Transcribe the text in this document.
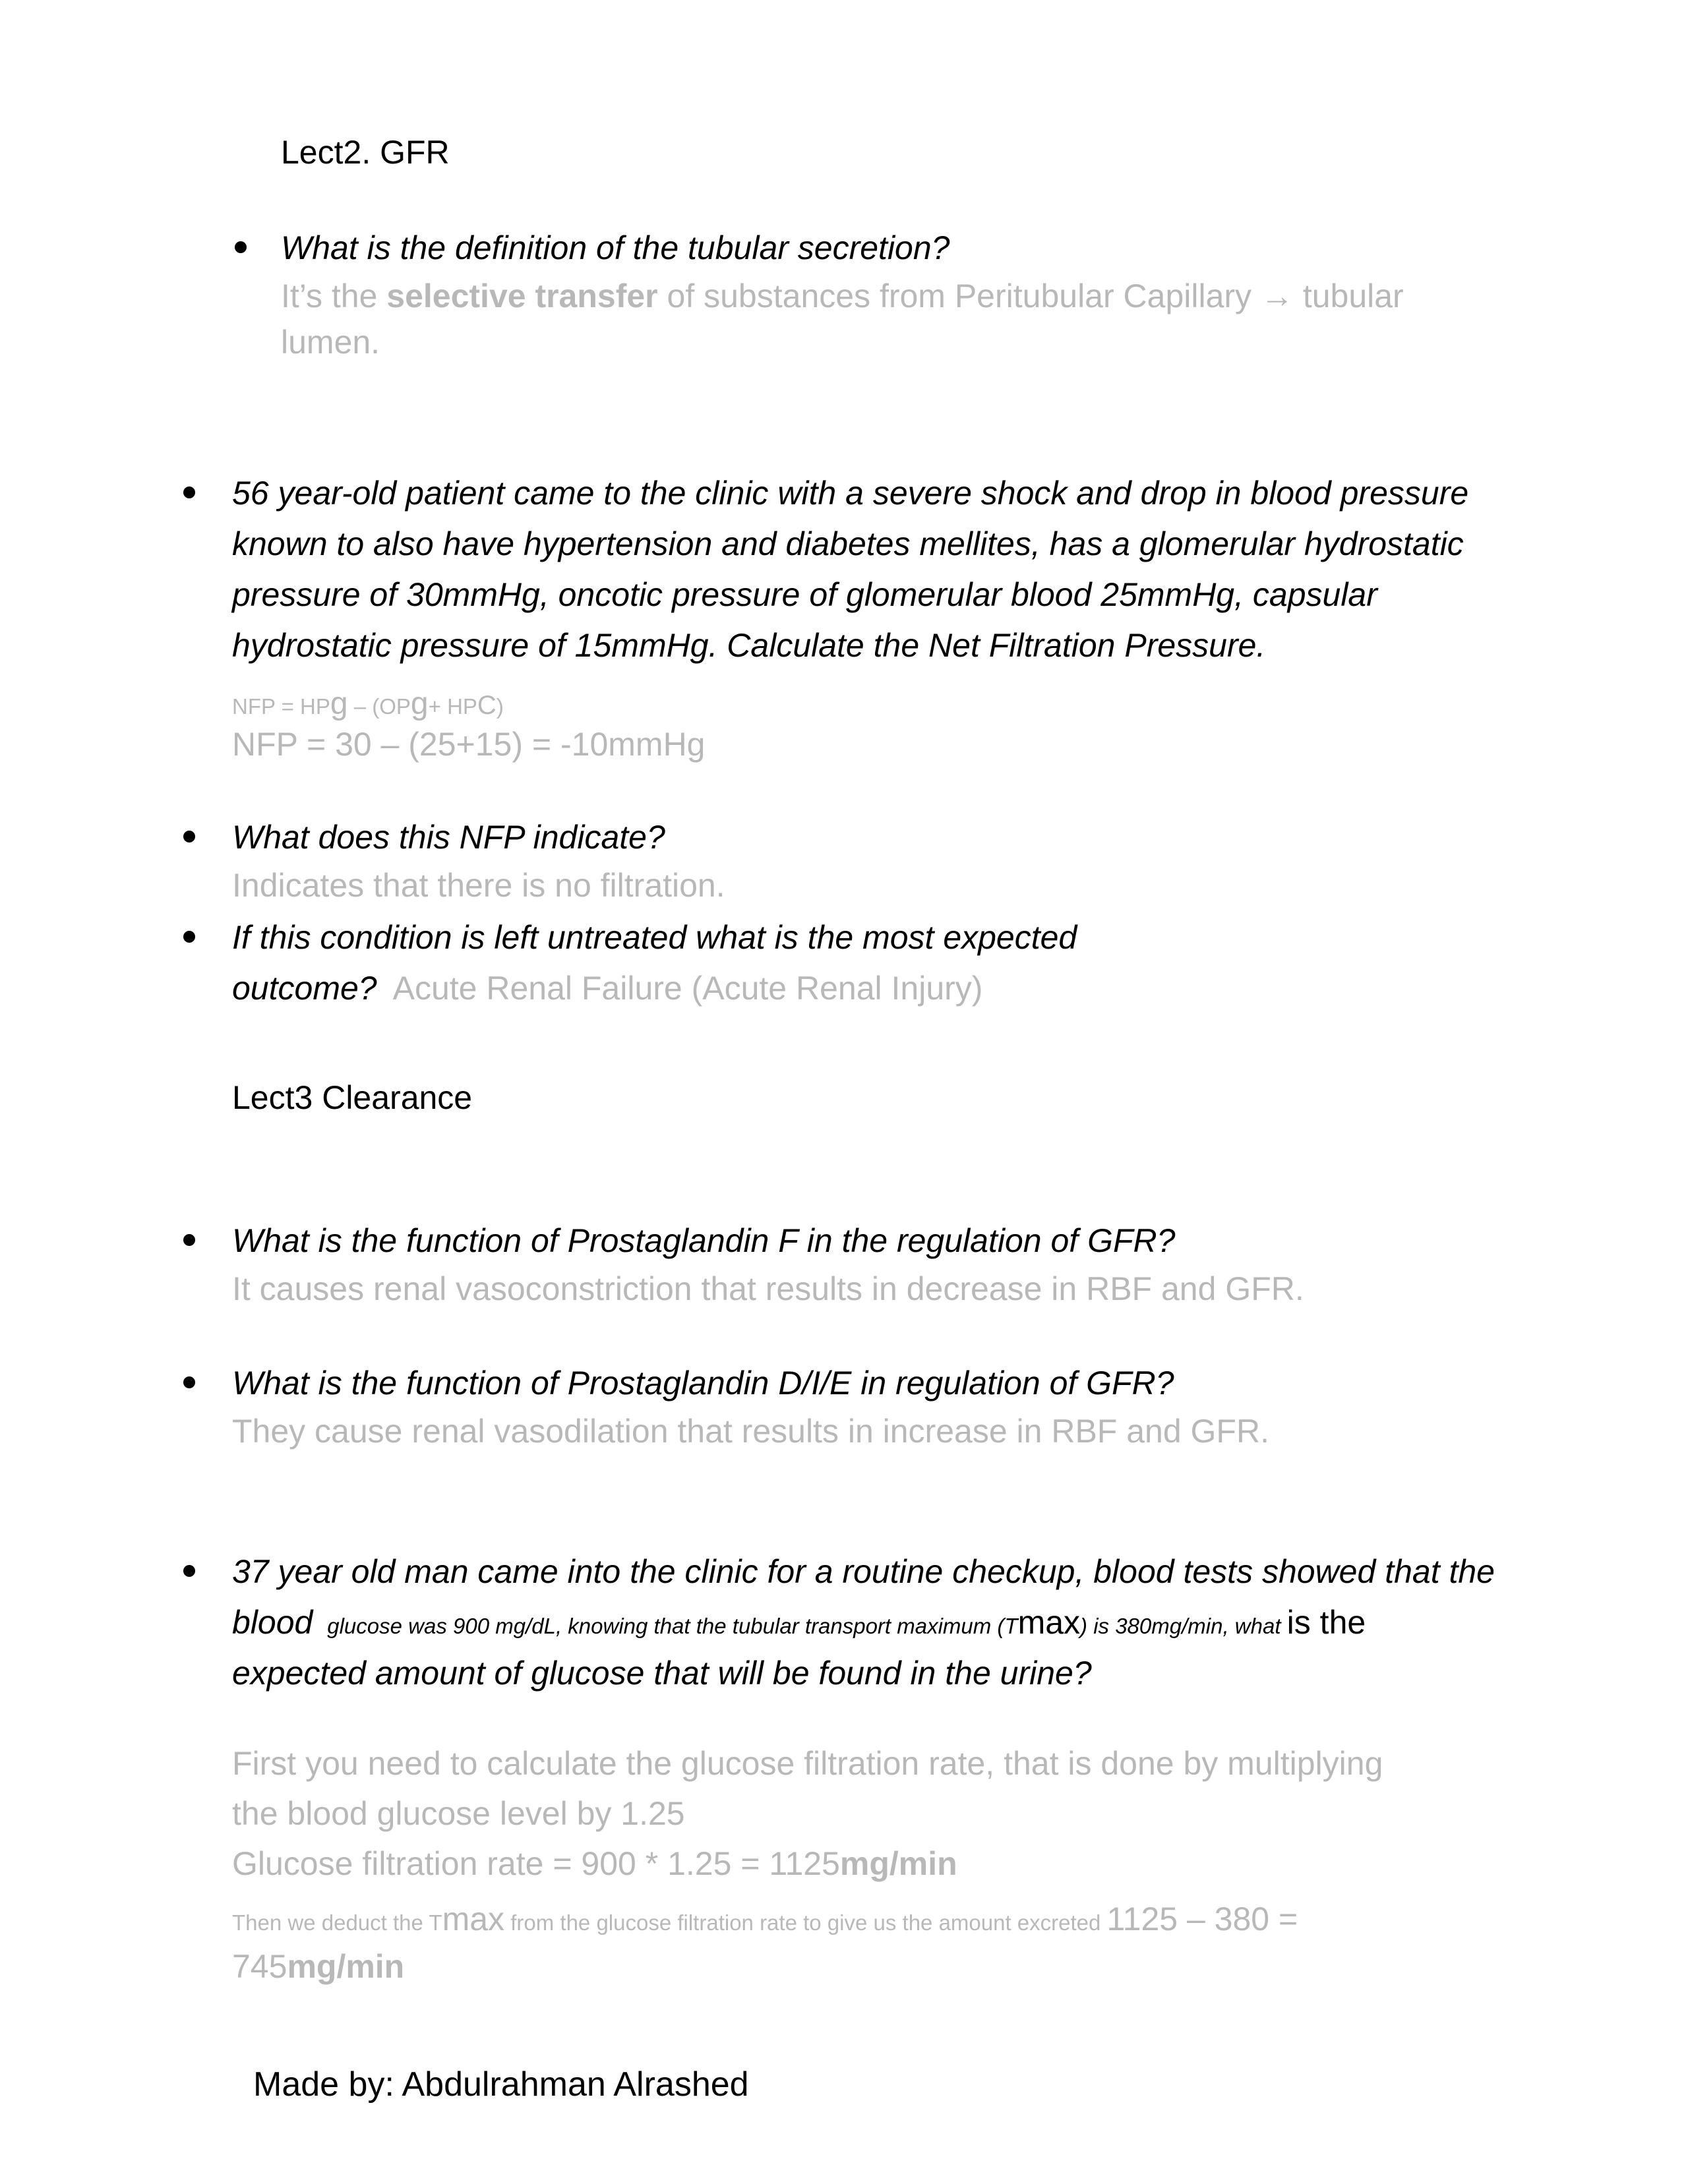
Lect2. GFR
What is the definition of the tubular secretion?
It’s the selective transfer of substances from Peritubular Capillary → tubular
lumen.
56 year-old patient came to the clinic with a severe shock and drop in blood pressure
known to also have hypertension and diabetes mellites, has a glomerular hydrostatic
pressure of 30mmHg, oncotic pressure of glomerular blood 25mmHg, capsular
hydrostatic pressure of 15mmHg. Calculate the Net Filtration Pressure.
NFP = HPg – (OPg+ HPC)
NFP = 30 – (25+15) = -10mmHg
What does this NFP indicate?
Indicates that there is no filtration.
If this condition is left untreated what is the most expected
outcome? Acute Renal Failure (Acute Renal Injury)
Lect3 Clearance
What is the function of Prostaglandin F in the regulation of GFR?
It causes renal vasoconstriction that results in decrease in RBF and GFR.
What is the function of Prostaglandin D/I/E in regulation of GFR?
They cause renal vasodilation that results in increase in RBF and GFR.
37 year old man came into the clinic for a routine checkup, blood tests showed that the
blood glucose was 900 mg/dL, knowing that the tubular transport maximum (Tmax) is 380mg/min, what is the
expected amount of glucose that will be found in the urine?
First you need to calculate the glucose filtration rate, that is done by multiplying
the blood glucose level by 1.25
Glucose filtration rate = 900 * 1.25 = 1125mg/min
Then we deduct the Tmax from the glucose filtration rate to give us the amount excreted 1125 – 380 =
745mg/min
Made by: Abdulrahman Alrashed
